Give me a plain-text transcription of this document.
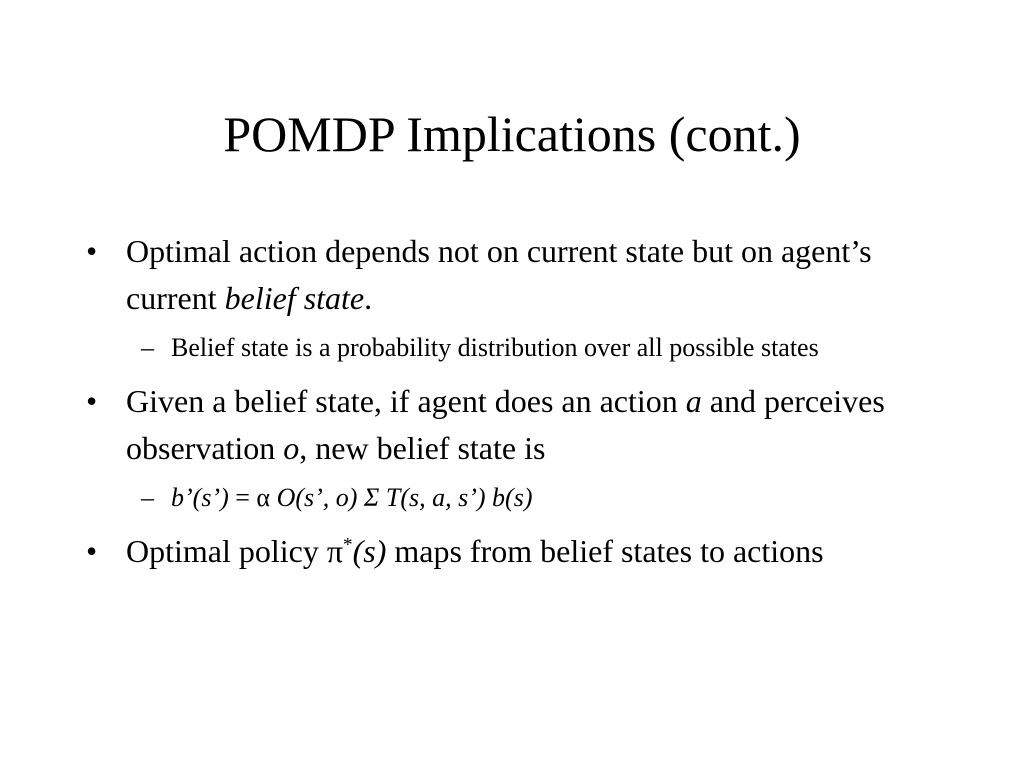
POMDP Implications (cont.)
• Optimal action depends not on current state but on agent’s current belief state.
– Belief state is a probability distribution over all possible states
• Given a belief state, if agent does an action a and perceives observation o, new belief state is
– b’(s’) = α O(s’, o) Σ T(s, a, s’) b(s)
• Optimal policy π*(s) maps from belief states to actions
